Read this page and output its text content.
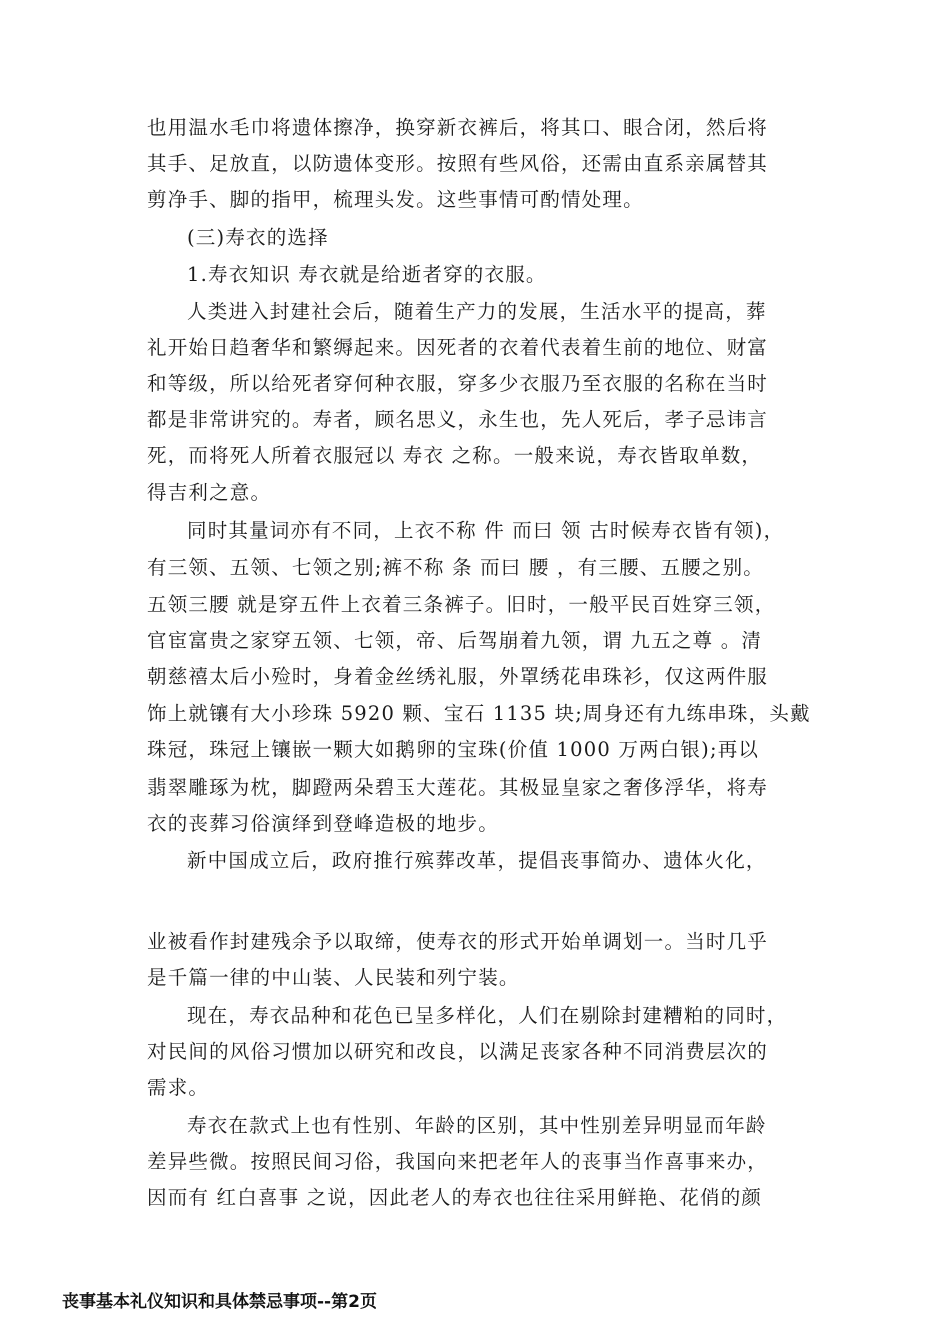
也用温水毛巾将遗体擦净，换穿新衣裤后，将其口、眼合闭，然后将
其手、足放直，以防遗体变形。按照有些风俗，还需由直系亲属替其
剪净手、脚的指甲，梳理头发。这些事情可酌情处理。
(三)寿衣的选择
1.寿衣知识 寿衣就是给逝者穿的衣服。
人类进入封建社会后，随着生产力的发展，生活水平的提高，葬
礼开始日趋奢华和繁缛起来。因死者的衣着代表着生前的地位、财富
和等级，所以给死者穿何种衣服，穿多少衣服乃至衣服的名称在当时
都是非常讲究的。寿者，顾名思义，永生也，先人死后，孝子忌讳言
死，而将死人所着衣服冠以 寿衣 之称。一般来说，寿衣皆取单数，
得吉利之意。
同时其量词亦有不同，上衣不称 件 而曰 领 古时候寿衣皆有领)，
有三领、五领、七领之别;裤不称 条 而曰 腰 ，有三腰、五腰之别。
五领三腰 就是穿五件上衣着三条裤子。旧时，一般平民百姓穿三领，
官宦富贵之家穿五领、七领，帝、后驾崩着九领，谓 九五之尊 。清
朝慈禧太后小殓时，身着金丝绣礼服，外罩绣花串珠衫，仅这两件服
饰上就镶有大小珍珠 5920 颗、宝石 1135 块;周身还有九练串珠，头戴
珠冠，珠冠上镶嵌一颗大如鹅卵的宝珠(价值 1000 万两白银);再以
翡翠雕琢为枕，脚蹬两朵碧玉大莲花。其极显皇家之奢侈浮华，将寿
衣的丧葬习俗演绎到登峰造极的地步。
新中国成立后，政府推行殡葬改革，提倡丧事简办、遗体火化，
业被看作封建残余予以取缔，使寿衣的形式开始单调划一。当时几乎
是千篇一律的中山装、人民装和列宁装。
现在，寿衣品种和花色已呈多样化，人们在剔除封建糟粕的同时，
对民间的风俗习惯加以研究和改良，以满足丧家各种不同消费层次的
需求。
寿衣在款式上也有性别、年龄的区别，其中性别差异明显而年龄
差异些微。按照民间习俗，我国向来把老年人的丧事当作喜事来办，
因而有 红白喜事 之说，因此老人的寿衣也往往采用鲜艳、花俏的颜
丧事基本礼仪知识和具体禁忌事项--第2页
